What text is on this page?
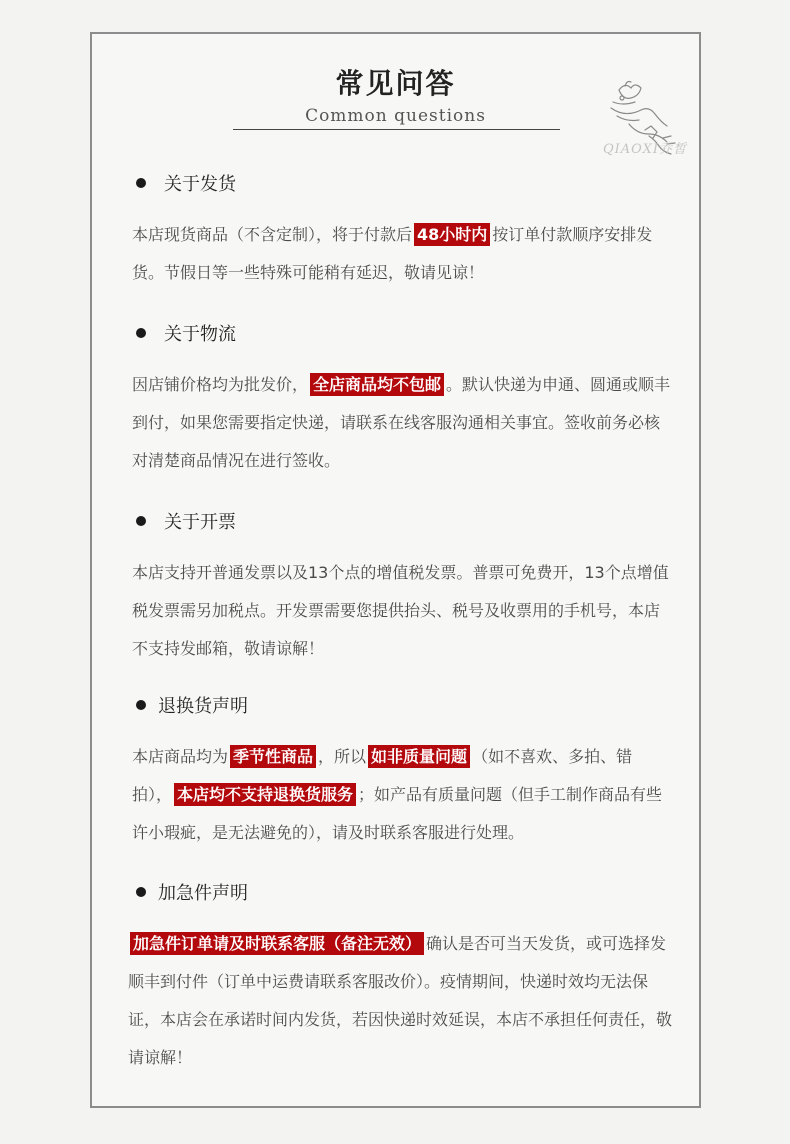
常见问答
Common questions
QIAOXI乔皙
关于发货
本店现货商品（不含定制），将于付款后 48小时内 按订单付款顺序安排发货。节假日等一些特殊可能稍有延迟，敬请见谅！
关于物流
因店铺价格均为批发价， 全店商品均不包邮 。默认快递为申通、圆通或顺丰到付，如果您需要指定快递，请联系在线客服沟通相关事宜。签收前务必核对清楚商品情况在进行签收。
关于开票
本店支持开普通发票以及13个点的增值税发票。普票可免费开，13个点增值税发票需另加税点。开发票需要您提供抬头、税号及收票用的手机号，本店不支持发邮箱，敬请谅解！
退换货声明
本店商品均为 季节性商品 ，所以 如非质量问题 （如不喜欢、多拍、错拍）， 本店均不支持退换货服务 ；如产品有质量问题（但手工制作商品有些许小瑕疵，是无法避免的），请及时联系客服进行处理。
加急件声明
加急件订单请及时联系客服（备注无效） 确认是否可当天发货，或可选择发顺丰到付件（订单中运费请联系客服改价）。疫情期间，快递时效均无法保证，本店会在承诺时间内发货，若因快递时效延误，本店不承担任何责任，敬请谅解！
